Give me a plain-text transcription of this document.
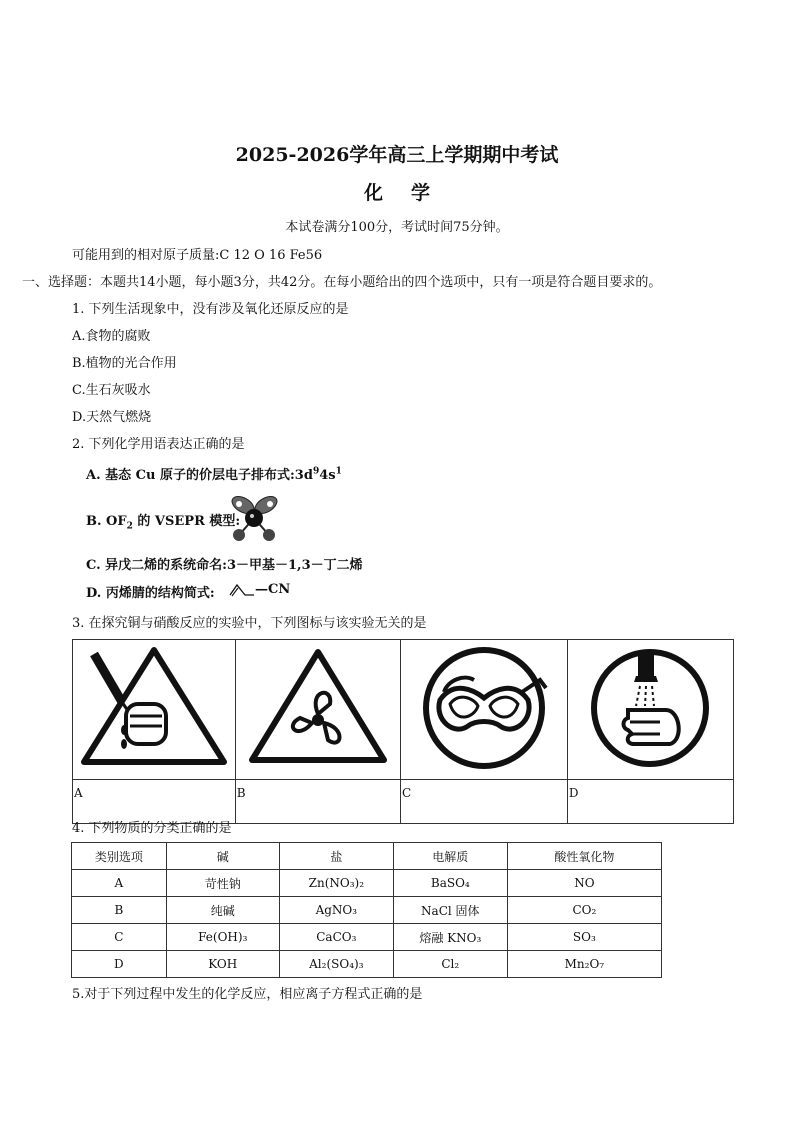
2025-2026学年高三上学期期中考试
化学
本试卷满分100分，考试时间75分钟。
可能用到的相对原子质量:C 12 O 16 Fe56
一、选择题：本题共14小题，每小题3分，共42分。在每小题给出的四个选项中，只有一项是符合题目要求的。
1. 下列生活现象中，没有涉及氧化还原反应的是
A.食物的腐败
B.植物的光合作用
C.生石灰吸水
D.天然气燃烧
2. 下列化学用语表达正确的是
A. 基态 Cu 原子的价层电子排布式$:3d^94s^1$
B. $OF_2$ 的 VSEPR 模型:
C. 异戊二烯的系统命名:3－甲基－1,3－丁二烯
D. 丙烯腈的结构简式:	—CN
3. 在探究铜与硝酸反应的实验中，下列图标与该实验无关的是

A	B	C	D
4. 下列物质的分类正确的是
类别选项	碱	盐	电解质	酸性氧化物
A	苛性钠	Zn(NO₃)₂	BaSO₄	NO
B	纯碱	AgNO₃	NaCl 固体	CO₂
C	Fe(OH)₃	CaCO₃	熔融 KNO₃	SO₃
D	KOH	Al₂(SO₄)₃	Cl₂	Mn₂O₇
5.对于下列过程中发生的化学反应，相应离子方程式正确的是
